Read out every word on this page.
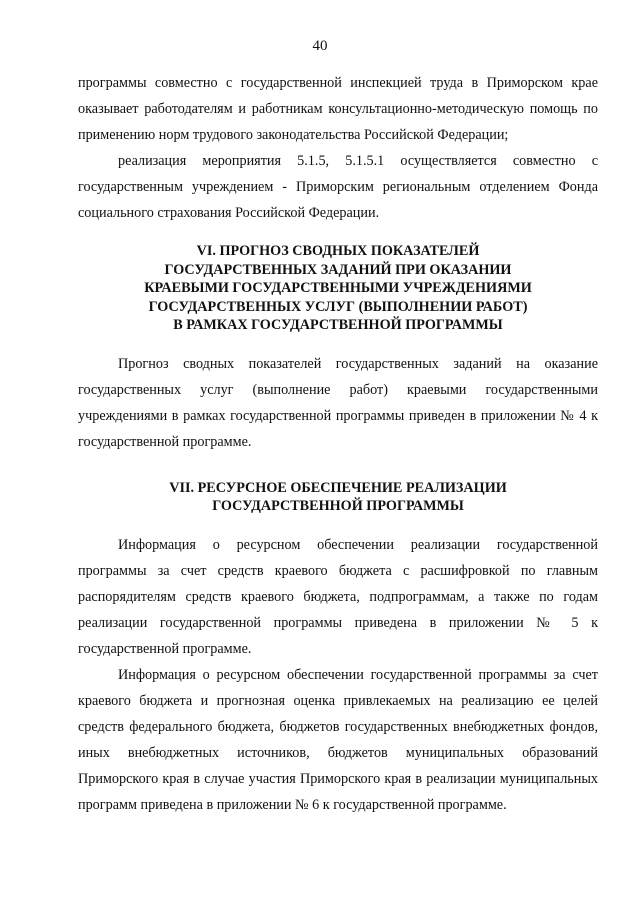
40

программы совместно с государственной инспекцией труда в Приморском крае оказывает работодателям и работникам консультационно-методическую помощь по применению норм трудового законодательства Российской Федерации;

реализация мероприятия 5.1.5, 5.1.5.1 осуществляется совместно с государственным учреждением - Приморским региональным отделением Фонда социального страхования Российской Федерации.

VI. ПРОГНОЗ СВОДНЫХ ПОКАЗАТЕЛЕЙ
ГОСУДАРСТВЕННЫХ ЗАДАНИЙ ПРИ ОКАЗАНИИ
КРАЕВЫМИ ГОСУДАРСТВЕННЫМИ УЧРЕЖДЕНИЯМИ
ГОСУДАРСТВЕННЫХ УСЛУГ (ВЫПОЛНЕНИИ РАБОТ)
В РАМКАХ ГОСУДАРСТВЕННОЙ ПРОГРАММЫ

Прогноз сводных показателей государственных заданий на оказание государственных услуг (выполнение работ) краевыми государственными учреждениями в рамках государственной программы приведен в приложении № 4 к государственной программе.

VII. РЕСУРСНОЕ ОБЕСПЕЧЕНИЕ РЕАЛИЗАЦИИ
ГОСУДАРСТВЕННОЙ ПРОГРАММЫ

Информация о ресурсном обеспечении реализации государственной программы за счет средств краевого бюджета с расшифровкой по главным распорядителям средств краевого бюджета, подпрограммам, а также по годам реализации государственной программы приведена в приложении № 5 к государственной программе.

Информация о ресурсном обеспечении государственной программы за счет краевого бюджета и прогнозная оценка привлекаемых на реализацию ее целей средств федерального бюджета, бюджетов государственных внебюджетных фондов, иных внебюджетных источников, бюджетов муниципальных образований Приморского края в случае участия Приморского края в реализации муниципальных программ приведена в приложении № 6 к государственной программе.
